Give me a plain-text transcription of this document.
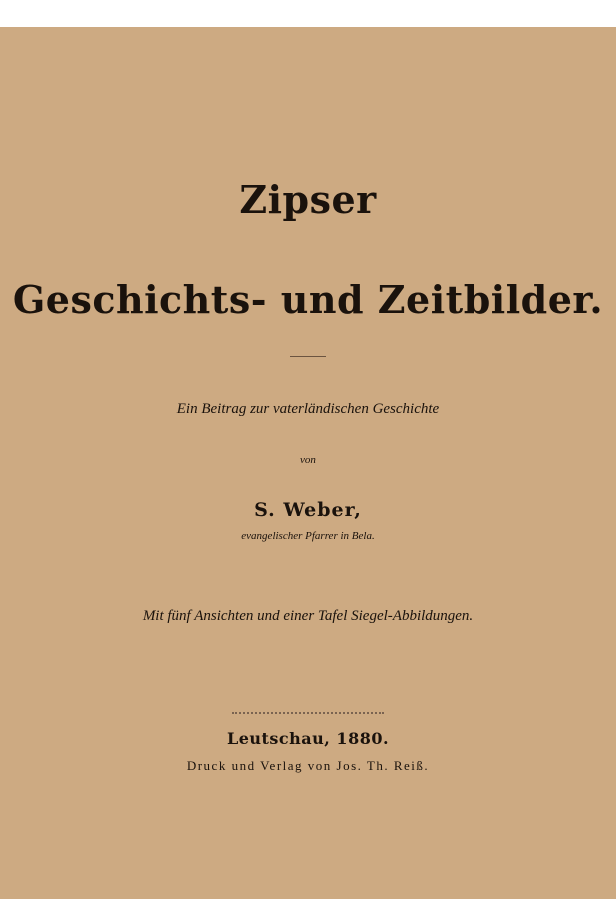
Zipser
Geschichts- und Zeitbilder.
Ein Beitrag zur vaterländischen Geschichte
von
S. Weber,
evangelischer Pfarrer in Bela.
Mit fünf Ansichten und einer Tafel Siegel-Abbildungen.
Leutschau, 1880.
Druck und Verlag von Jos. Th. Reiß.
